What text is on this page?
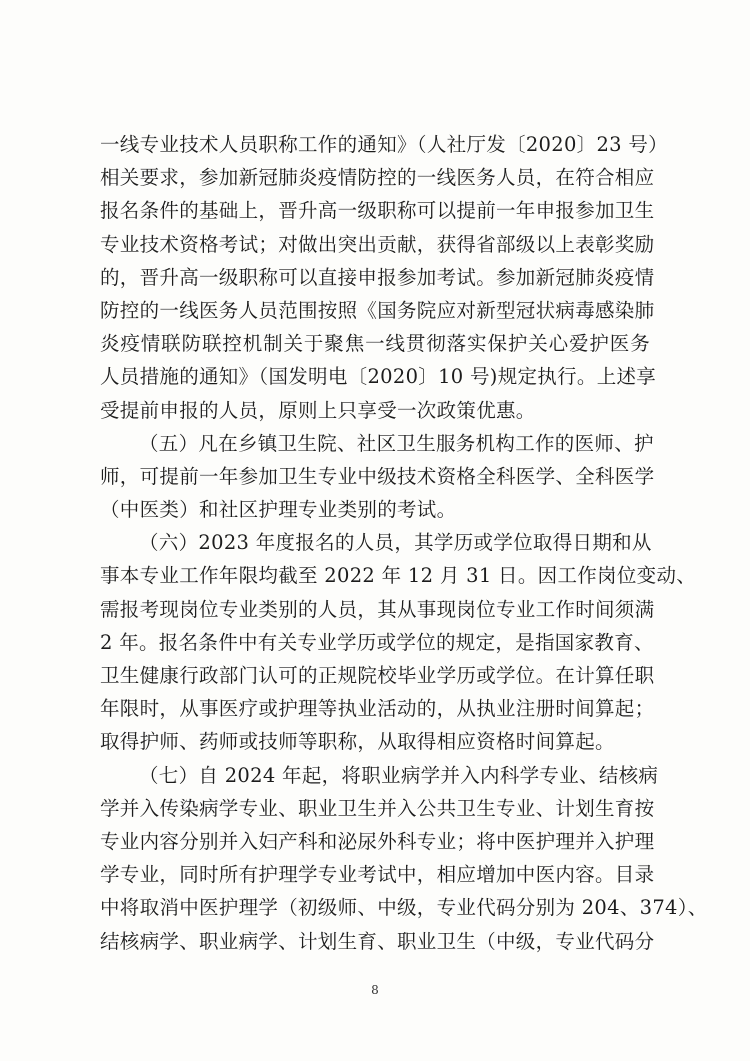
一线专业技术人员职称工作的通知》（人社厅发〔2020〕23 号）
相关要求，参加新冠肺炎疫情防控的一线医务人员，在符合相应
报名条件的基础上，晋升高一级职称可以提前一年申报参加卫生
专业技术资格考试；对做出突出贡献，获得省部级以上表彰奖励
的，晋升高一级职称可以直接申报参加考试。参加新冠肺炎疫情
防控的一线医务人员范围按照《国务院应对新型冠状病毒感染肺
炎疫情联防联控机制关于聚焦一线贯彻落实保护关心爱护医务
人员措施的通知》（国发明电〔2020〕10 号)规定执行。上述享
受提前申报的人员，原则上只享受一次政策优惠。
（五）凡在乡镇卫生院、社区卫生服务机构工作的医师、护
师，可提前一年参加卫生专业中级技术资格全科医学、全科医学
（中医类）和社区护理专业类别的考试。
（六）2023 年度报名的人员，其学历或学位取得日期和从
事本专业工作年限均截至 2022 年 12 月 31 日。因工作岗位变动、
需报考现岗位专业类别的人员，其从事现岗位专业工作时间须满
2 年。报名条件中有关专业学历或学位的规定，是指国家教育、
卫生健康行政部门认可的正规院校毕业学历或学位。在计算任职
年限时，从事医疗或护理等执业活动的，从执业注册时间算起；
取得护师、药师或技师等职称，从取得相应资格时间算起。
（七）自 2024 年起，将职业病学并入内科学专业、结核病
学并入传染病学专业、职业卫生并入公共卫生专业、计划生育按
专业内容分别并入妇产科和泌尿外科专业；将中医护理并入护理
学专业，同时所有护理学专业考试中，相应增加中医内容。目录
中将取消中医护理学（初级师、中级，专业代码分别为 204、374）、
结核病学、职业病学、计划生育、职业卫生（中级，专业代码分
8
